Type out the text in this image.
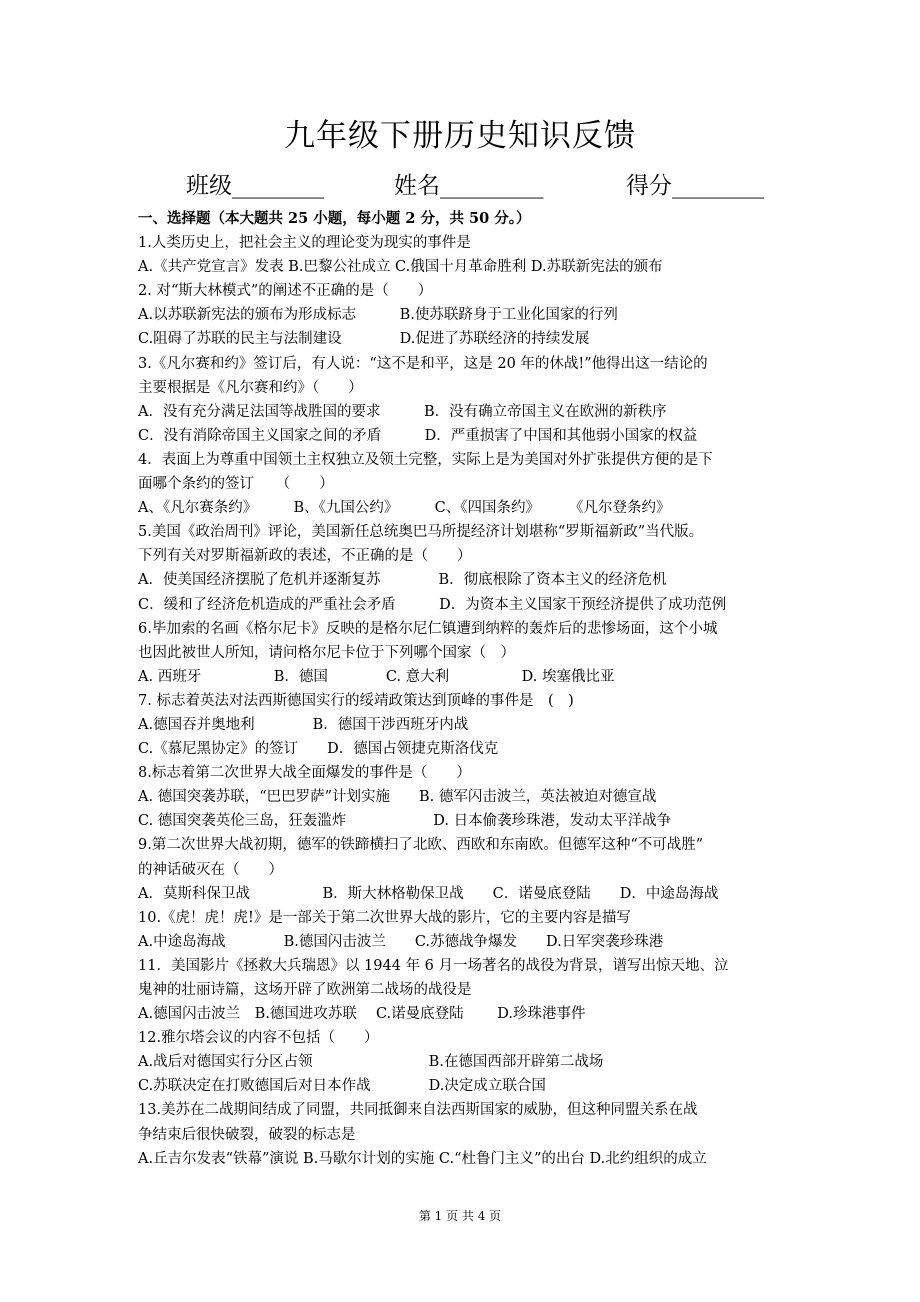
九年级下册历史知识反馈
班级________	姓名_________	得分________
一、选择题（本大题共 25 小题，每小题 2 分，共 50 分。）
1.人类历史上，把社会主义的理论变为现实的事件是
A.《共产党宣言》发表 B.巴黎公社成立 C.俄国十月革命胜利 D.苏联新宪法的颁布
2. 对“斯大林模式”的阐述不正确的是（　　）
A.以苏联新宪法的颁布为形成标志　　　B.使苏联跻身于工业化国家的行列
C.阻碍了苏联的民主与法制建设　　　　D.促进了苏联经济的持续发展
3.《凡尔赛和约》签订后，有人说：“这不是和平，这是 20 年的休战!”他得出这一结论的
主要根据是《凡尔赛和约》（　　）
A．没有充分满足法国等战胜国的要求　　　B．没有确立帝国主义在欧洲的新秩序
C．没有消除帝国主义国家之间的矛盾　　　D．严重损害了中国和其他弱小国家的权益
4．表面上为尊重中国领土主权独立及领土完整，实际上是为美国对外扩张提供方便的是下
面哪个条约的签订　　（　　）
A、《凡尔赛条约》　　　B、《九国公约》　　　C、《四国条约》　　　《凡尔登条约》
5.美国《政治周刊》评论，美国新任总统奥巴马所提经济计划堪称“罗斯福新政”当代版。
下列有关对罗斯福新政的表述，不正确的是（　　）
A．使美国经济摆脱了危机并逐渐复苏　　　　B．彻底根除了资本主义的经济危机
C．缓和了经济危机造成的严重社会矛盾　　　D．为资本主义国家干预经济提供了成功范例
6.毕加索的名画《格尔尼卡》反映的是格尔尼仁镇遭到纳粹的轰炸后的悲惨场面，这个小城
也因此被世人所知，请问格尔尼卡位于下列哪个国家（　）
A. 西班牙　　　　　B．德国　　　　C. 意大利　　　　　D. 埃塞俄比亚
7. 标志着英法对法西斯德国实行的绥靖政策达到顶峰的事件是　(　)
A.德国吞并奥地利　　　　B．德国干涉西班牙内战
C.《慕尼黑协定》的签订　　D．德国占领捷克斯洛伐克
8.标志着第二次世界大战全面爆发的事件是（　　）
A. 德国突袭苏联，“巴巴罗萨”计划实施　　B. 德军闪击波兰，英法被迫对德宣战
C. 德国突袭英伦三岛，狂轰滥炸　　　　　　D. 日本偷袭珍珠港，发动太平洋战争
9.第二次世界大战初期，德军的铁蹄横扫了北欧、西欧和东南欧。但德军这种“不可战胜”
的神话破灭在（　　）
A．莫斯科保卫战　　　　　B．斯大林格勒保卫战　　C．诺曼底登陆　　D．中途岛海战
10.《虎！虎！虎!》是一部关于第二次世界大战的影片，它的主要内容是描写
A.中途岛海战　　　　B.德国闪击波兰　　C.苏德战争爆发　　D.日军突袭珍珠港
11．美国影片《拯救大兵瑞恩》以 1944 年 6 月一场著名的战役为背景，谱写出惊天地、泣
鬼神的壮丽诗篇，这场开辟了欧洲第二战场的战役是
A.德国闪击波兰　B.德国进攻苏联　 C.诺曼底登陆　　 D.珍珠港事件
12.雅尔塔会议的内容不包括（　　）
A.战后对德国实行分区占领　　　　　　　　B.在德国西部开辟第二战场
C.苏联决定在打败德国后对日本作战　　　　D.决定成立联合国
13.美苏在二战期间结成了同盟，共同抵御来自法西斯国家的威胁，但这种同盟关系在战
争结束后很快破裂，破裂的标志是
A.丘吉尔发表“铁幕”演说 B.马歇尔计划的实施 C.“杜鲁门主义”的出台 D.北约组织的成立
第 1 页 共 4 页
